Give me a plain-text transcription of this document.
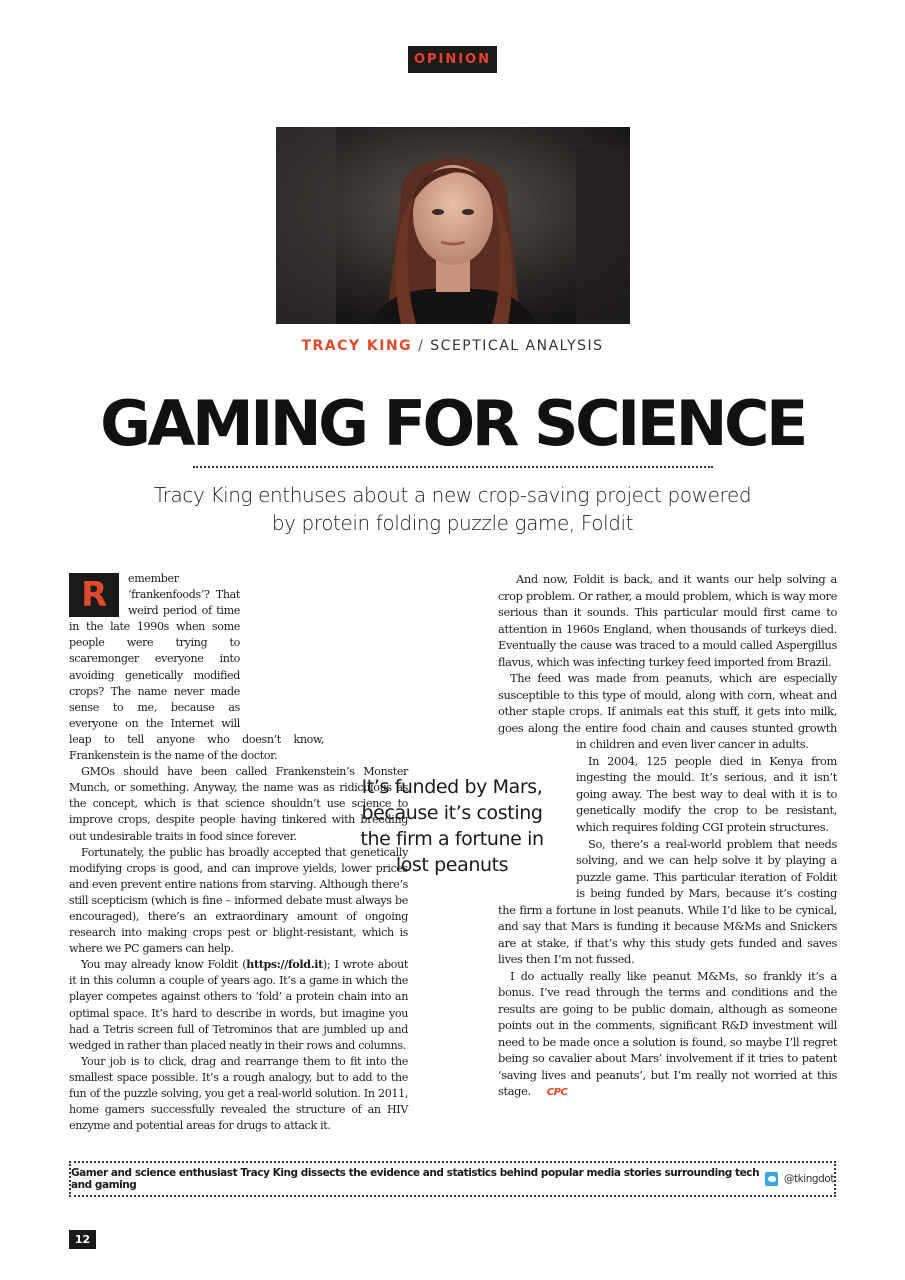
OPINION
TRACY KING / SCEPTICAL ANALYSIS
GAMING FOR SCIENCE
Tracy King enthuses about a new crop-saving project powered by protein folding puzzle game, Foldit

R	emember ‘frankenfoods’? That weird period of time in the late 1990s when some people were trying to scaremonger everyone into avoiding genetically modified crops? The name never made sense to me, because as everyone on the Internet will leap to tell anyone who doesn’t know, Frankenstein is the name of the doctor.

GMOs should have been called Frankenstein’s Monster Munch, or something. Anyway, the name was as ridiculous as the concept, which is that science shouldn’t use science to improve crops, despite people having tinkered with breeding out undesirable traits in food since forever.

Fortunately, the public has broadly accepted that genetically modifying crops is good, and can improve yields, lower prices and even prevent entire nations from starving. Although there’s still scepticism (which is fine – informed debate must always be encouraged), there’s an extraordinary amount of ongoing research into making crops pest or blight-resistant, which is where we PC gamers can help.

You may already know Foldit (https://fold.it); I wrote about it in this column a couple of years ago. It’s a game in which the player competes against others to ‘fold’ a protein chain into an optimal space. It’s hard to describe in words, but imagine you had a Tetris screen full of Tetrominos that are jumbled up and wedged in rather than placed neatly in their rows and columns.

Your job is to click, drag and rearrange them to fit into the smallest space possible. It’s a rough analogy, but to add to the fun of the puzzle solving, you get a real-world solution. In 2011, home gamers successfully revealed the structure of an HIV enzyme and potential areas for drugs to attack it.

And now, Foldit is back, and it wants our help solving a crop problem. Or rather, a mould problem, which is way more serious than it sounds. This particular mould first came to attention in 1960s England, when thousands of turkeys died. Eventually the cause was traced to a mould called Aspergillus flavus, which was infecting turkey feed imported from Brazil.

The feed was made from peanuts, which are especially susceptible to this type of mould, along with corn, wheat and other staple crops. If animals eat this stuff, it gets into milk, goes along the entire food chain and causes stunted growth in children and even liver cancer in adults.

In 2004, 125 people died in Kenya from ingesting the mould. It’s serious, and it isn’t going away. The best way to deal with it is to genetically modify the crop to be resistant, which requires folding CGI protein structures.

So, there’s a real-world problem that needs solving, and we can help solve it by playing a puzzle game. This particular iteration of Foldit is being funded by Mars, because it’s costing the firm a fortune in lost peanuts. While I’d like to be cynical, and say that Mars is funding it because M&Ms and Snickers are at stake, if that’s why this study gets funded and saves lives then I’m not fussed.

I do actually really like peanut M&Ms, so frankly it’s a bonus. I’ve read through the terms and conditions and the results are going to be public domain, although as someone points out in the comments, significant R&D investment will need to be made once a solution is found, so maybe I’ll regret being so cavalier about Mars’ involvement if it tries to patent ‘saving lives and peanuts’, but I’m really not worried at this stage. CPC

It’s funded by Mars, because it’s costing the firm a fortune in lost peanuts
Gamer and science enthusiast Tracy King dissects the evidence and statistics behind popular media stories surrounding tech and gaming	@tkingdot
12
